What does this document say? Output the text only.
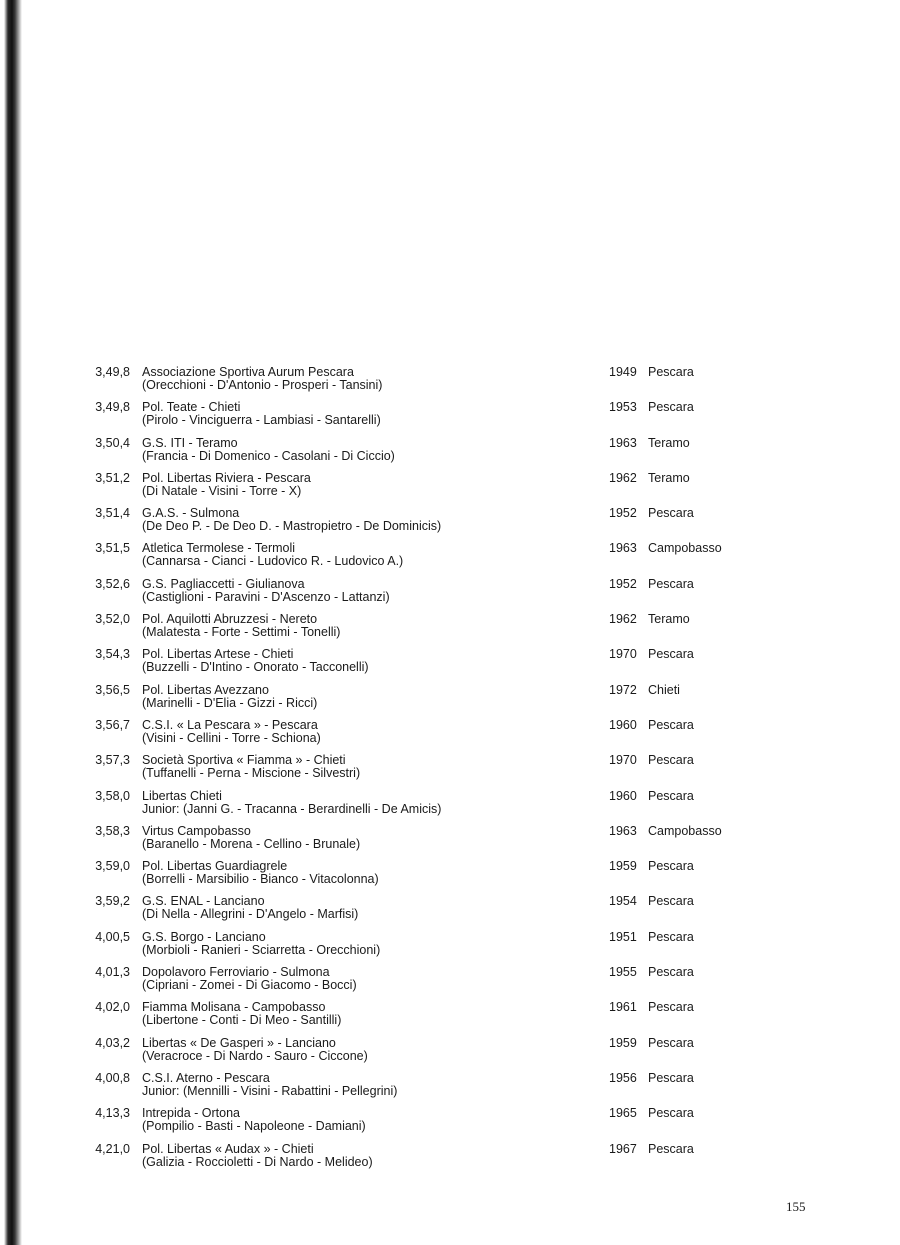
3,49,8 Associazione Sportiva Aurum Pescara
(Orecchioni - D'Antonio - Prosperi - Tansini)
1949 Pescara
3,49,8 Pol. Teate - Chieti
(Pirolo - Vinciguerra - Lambiasi - Santarelli)
1953 Pescara
3,50,4 G.S. ITI - Teramo
(Francia - Di Domenico - Casolani - Di Ciccio)
1963 Teramo
3,51,2 Pol. Libertas Riviera - Pescara
(Di Natale - Visini - Torre - X)
1962 Teramo
3,51,4 G.A.S. - Sulmona
(De Deo P. - De Deo D. - Mastropietro - De Dominicis)
1952 Pescara
3,51,5 Atletica Termolese - Termoli
(Cannarsa - Cianci - Ludovico R. - Ludovico A.)
1963 Campobasso
3,52,6 G.S. Pagliaccetti - Giulianova
(Castiglioni - Paravini - D'Ascenzo - Lattanzi)
1952 Pescara
3,52,0 Pol. Aquilotti Abruzzesi - Nereto
(Malatesta - Forte - Settimi - Tonelli)
1962 Teramo
3,54,3 Pol. Libertas Artese - Chieti
(Buzzelli - D'Intino - Onorato - Tacconelli)
1970 Pescara
3,56,5 Pol. Libertas Avezzano
(Marinelli - D'Elia - Gizzi - Ricci)
1972 Chieti
3,56,7 C.S.I. « La Pescara » - Pescara
(Visini - Cellini - Torre - Schiona)
1960 Pescara
3,57,3 Società Sportiva « Fiamma » - Chieti
(Tuffanelli - Perna - Miscione - Silvestri)
1970 Pescara
3,58,0 Libertas Chieti
Junior: (Janni G. - Tracanna - Berardinelli - De Amicis)
1960 Pescara
3,58,3 Virtus Campobasso
(Baranello - Morena - Cellino - Brunale)
1963 Campobasso
3,59,0 Pol. Libertas Guardiagrele
(Borrelli - Marsibilio - Bianco - Vitacolonna)
1959 Pescara
3,59,2 G.S. ENAL - Lanciano
(Di Nella - Allegrini - D'Angelo - Marfisi)
1954 Pescara
4,00,5 G.S. Borgo - Lanciano
(Morbioli - Ranieri - Sciarretta - Orecchioni)
1951 Pescara
4,01,3 Dopolavoro Ferroviario - Sulmona
(Cipriani - Zomei - Di Giacomo - Bocci)
1955 Pescara
4,02,0 Fiamma Molisana - Campobasso
(Libertone - Conti - Di Meo - Santilli)
1961 Pescara
4,03,2 Libertas « De Gasperi » - Lanciano
(Veracroce - Di Nardo - Sauro - Ciccone)
1959 Pescara
4,00,8 C.S.I. Aterno - Pescara
Junior: (Mennilli - Visini - Rabattini - Pellegrini)
1956 Pescara
4,13,3 Intrepida - Ortona
(Pompilio - Basti - Napoleone - Damiani)
1965 Pescara
4,21,0 Pol. Libertas « Audax » - Chieti
(Galizia - Roccioletti - Di Nardo - Melideo)
1967 Pescara
155
